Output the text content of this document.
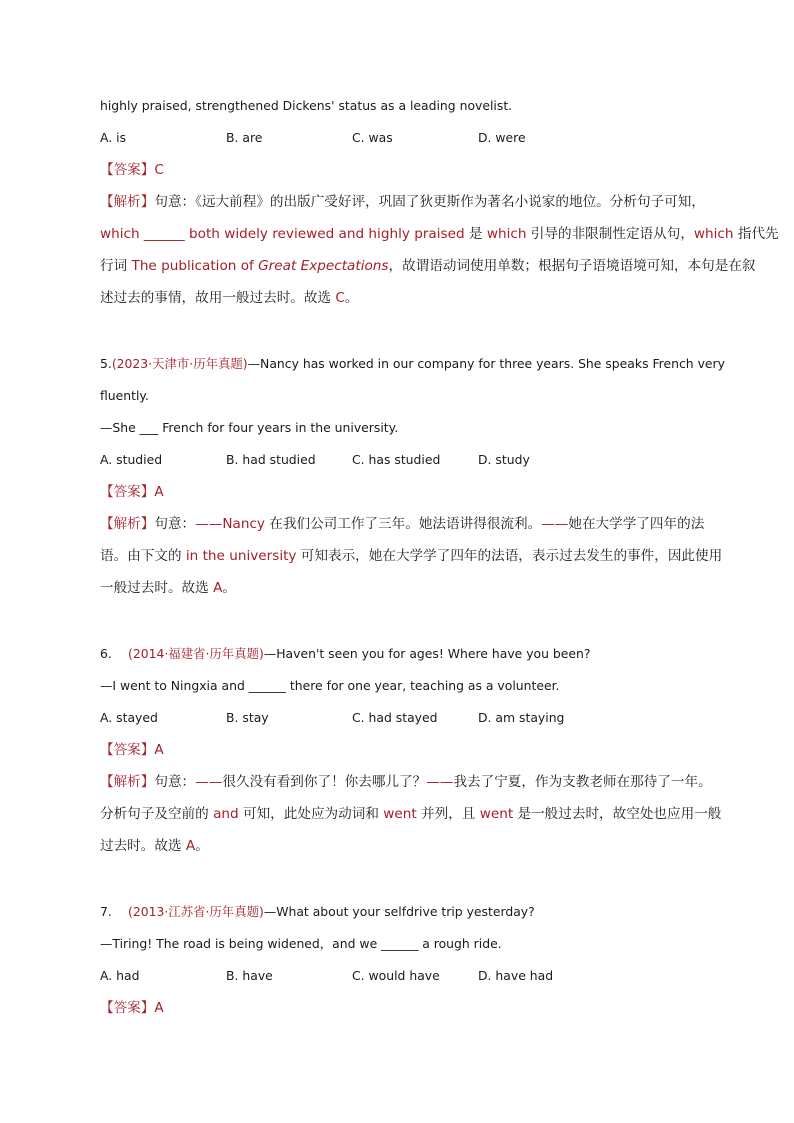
highly praised, strengthened Dickens' status as a leading novelist.
A. is	B. are	C. was	D. were
【答案】C
【解析】句意：《远大前程》的出版广受好评，巩固了狄更斯作为著名小说家的地位。分析句子可知，
which ______ both widely reviewed and highly praised 是 which 引导的非限制性定语从句，which 指代先
行词 The publication of Great Expectations，故谓语动词使用单数；根据句子语境语境可知，本句是在叙
述过去的事情，故用一般过去时。故选 C。
5. (2023·天津市·历年真题) —Nancy has worked in our company for three years. She speaks French very
fluently.
—She ___ French for four years in the university.
A. studied	B. had studied	C. has studied	D. study
【答案】A
【解析】句意：——Nancy 在我们公司工作了三年。她法语讲得很流利。——她在大学学了四年的法
语。由下文的 in the university 可知表示，她在大学学了四年的法语，表示过去发生的事件，因此使用
一般过去时。故选 A。
6.	(2014·福建省·历年真题) —Haven't seen you for ages! Where have you been?
—I went to Ningxia and ______ there for one year, teaching as a volunteer.
A. stayed	B. stay	C. had stayed	D. am staying
【答案】A
【解析】句意：——很久没有看到你了！你去哪儿了？——我去了宁夏，作为支教老师在那待了一年。
分析句子及空前的 and 可知，此处应为动词和 went 并列，且 went 是一般过去时，故空处也应用一般
过去时。故选 A。
7.	(2013·江苏省·历年真题) —What about your selfdrive trip yesterday?
—Tiring! The road is being widened，and we ______ a rough ride.
A. had	B. have	C. would have	D. have had
【答案】A
